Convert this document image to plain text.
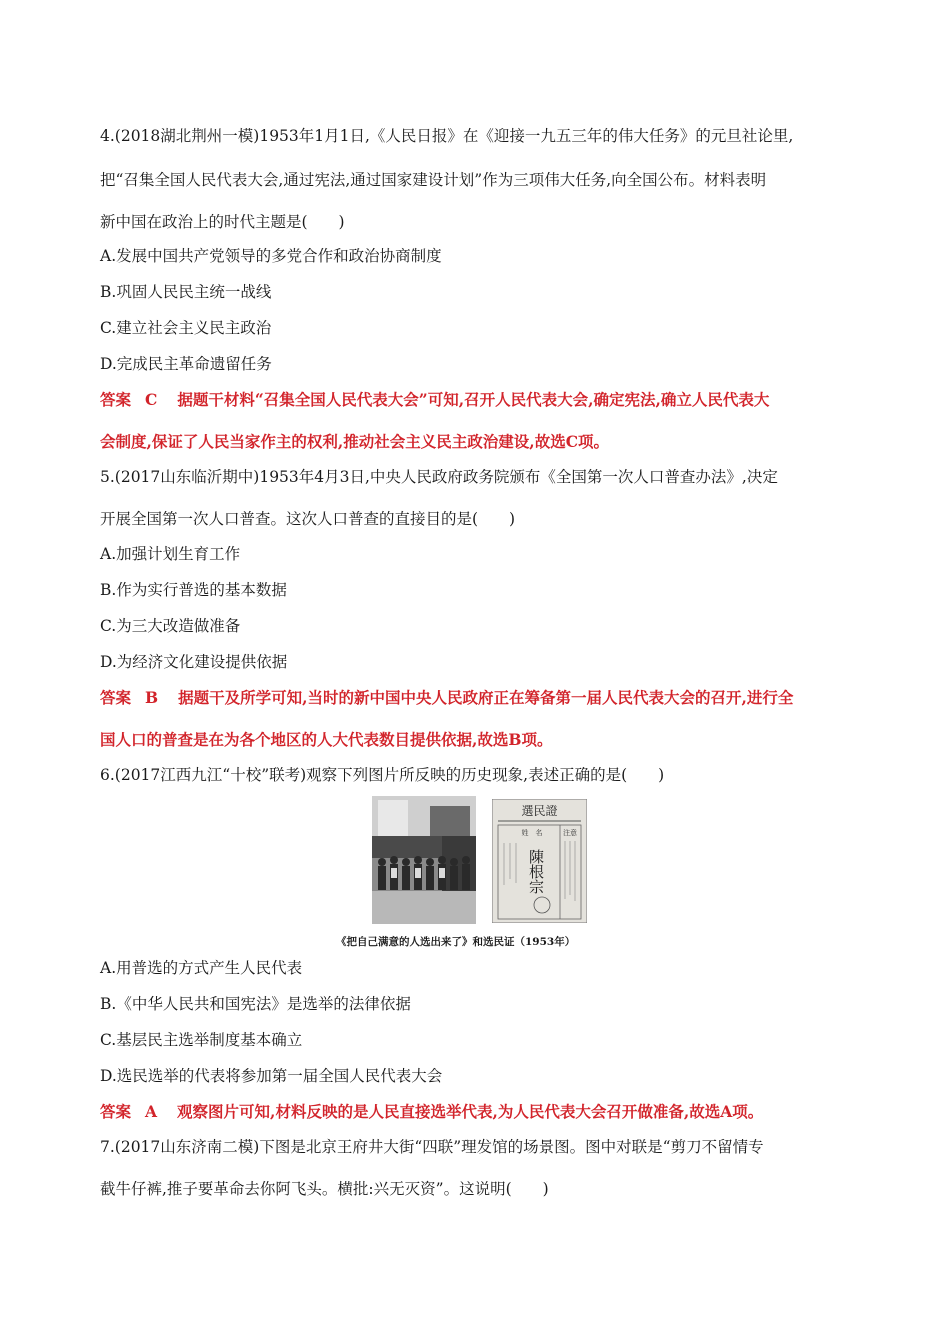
4.(2018湖北荆州一模)1953年1月1日,《人民日报》在《迎接一九五三年的伟大任务》的元旦社论里,
把“召集全国人民代表大会,通过宪法,通过国家建设计划”作为三项伟大任务,向全国公布。材料表明
新中国在政治上的时代主题是(　　)
A.发展中国共产党领导的多党合作和政治协商制度
B.巩固人民民主统一战线
C.建立社会主义民主政治
D.完成民主革命遗留任务
答案 C 据题干材料“召集全国人民代表大会”可知,召开人民代表大会,确定宪法,确立人民代表大
会制度,保证了人民当家作主的权利,推动社会主义民主政治建设,故选C项。
5.(2017山东临沂期中)1953年4月3日,中央人民政府政务院颁布《全国第一次人口普查办法》,决定
开展全国第一次人口普查。这次人口普查的直接目的是(　　)
A.加强计划生育工作
B.作为实行普选的基本数据
C.为三大改造做准备
D.为经济文化建设提供依据
答案 B 据题干及所学可知,当时的新中国中央人民政府正在筹备第一届人民代表大会的召开,进行全
国人口的普查是在为各个地区的人大代表数目提供依据,故选B项。
6.(2017江西九江“十校”联考)观察下列图片所反映的历史现象,表述正确的是(　　)
選民證
姓　名	注意
陳根宗
《把自己满意的人选出来了》和选民证（1953年）
A.用普选的方式产生人民代表
B.《中华人民共和国宪法》是选举的法律依据
C.基层民主选举制度基本确立
D.选民选举的代表将参加第一届全国人民代表大会
答案 A 观察图片可知,材料反映的是人民直接选举代表,为人民代表大会召开做准备,故选A项。
7.(2017山东济南二模)下图是北京王府井大街“四联”理发馆的场景图。图中对联是“剪刀不留情专
截牛仔裤,推子要革命去你阿飞头。横批:兴无灭资”。这说明(　　)
